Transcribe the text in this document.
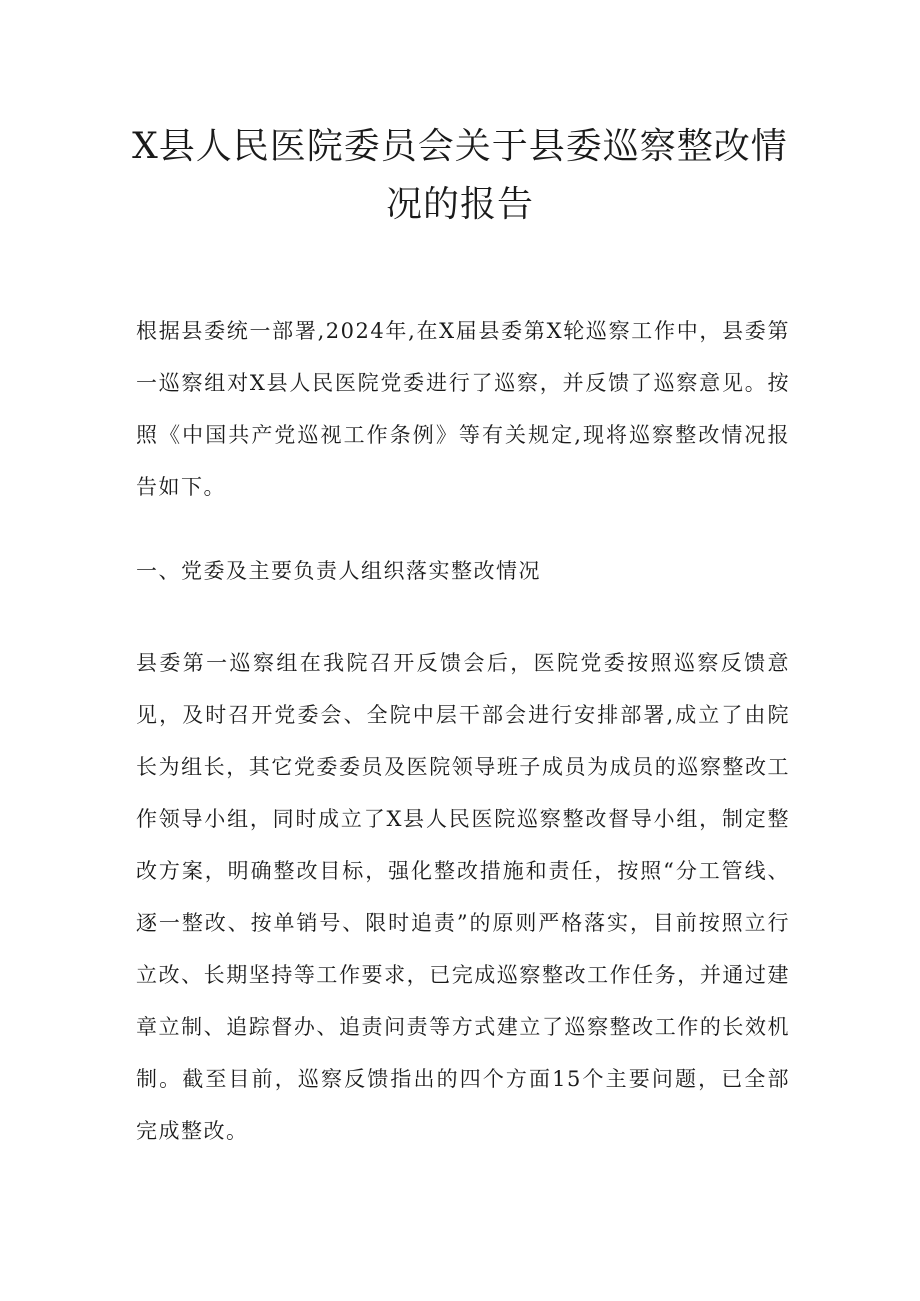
X县人民医院委员会关于县委巡察整改情况的报告

根据县委统一部署,2024年,在X届县委第X轮巡察工作中，县委第一巡察组对X县人民医院党委进行了巡察，并反馈了巡察意见。按照《中国共产党巡视工作条例》等有关规定,现将巡察整改情况报告如下。

一、党委及主要负责人组织落实整改情况

县委第一巡察组在我院召开反馈会后，医院党委按照巡察反馈意见，及时召开党委会、全院中层干部会进行安排部署,成立了由院长为组长，其它党委委员及医院领导班子成员为成员的巡察整改工作领导小组，同时成立了X县人民医院巡察整改督导小组，制定整改方案，明确整改目标，强化整改措施和责任，按照“分工管线、逐一整改、按单销号、限时追责”的原则严格落实，目前按照立行立改、长期坚持等工作要求，已完成巡察整改工作任务，并通过建章立制、追踪督办、追责问责等方式建立了巡察整改工作的长效机制。截至目前，巡察反馈指出的四个方面15个主要问题，已全部完成整改。
